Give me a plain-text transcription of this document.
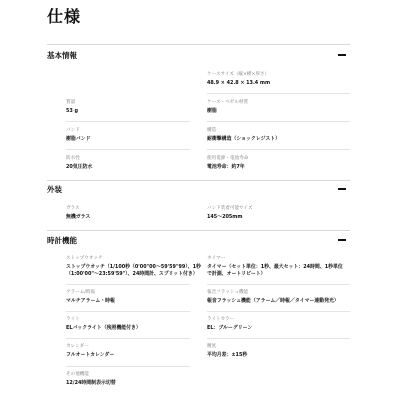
仕様
基本情報
ケースサイズ（縦×横×厚さ）
48.9 × 42.8 × 13.4 mm
質量
53 g
ケース・ベゼル材質
樹脂
バンド
樹脂バンド
構造
耐衝撃構造（ショックレジスト）
防水性
20気圧防水
使用電源・電池寿命
電池寿命：約7年
外装
ガラス
無機ガラス
バンド装着可能サイズ
145〜205mm
時計機能
ストップウオッチ
ストップウオッチ（1/100秒（0'00"00〜59'59"99）、1秒（1:00'00"〜23:59'59"）、24時間計、スプリット付き）
タイマー
タイマー（セット単位：1秒、最大セット：24時間、1秒単位で計測、オートリピート）
アラーム/時報
マルチアラーム・時報
報音フラッシュ機能
報音フラッシュ機能（アラーム／時報／タイマー連動発光）
ライト
ELバックライト（残照機能付き）
ライトカラー
EL：ブルーグリーン
カレンダー
フルオートカレンダー
精度
平均月差：±15秒
その他機能
12/24時間制表示切替
